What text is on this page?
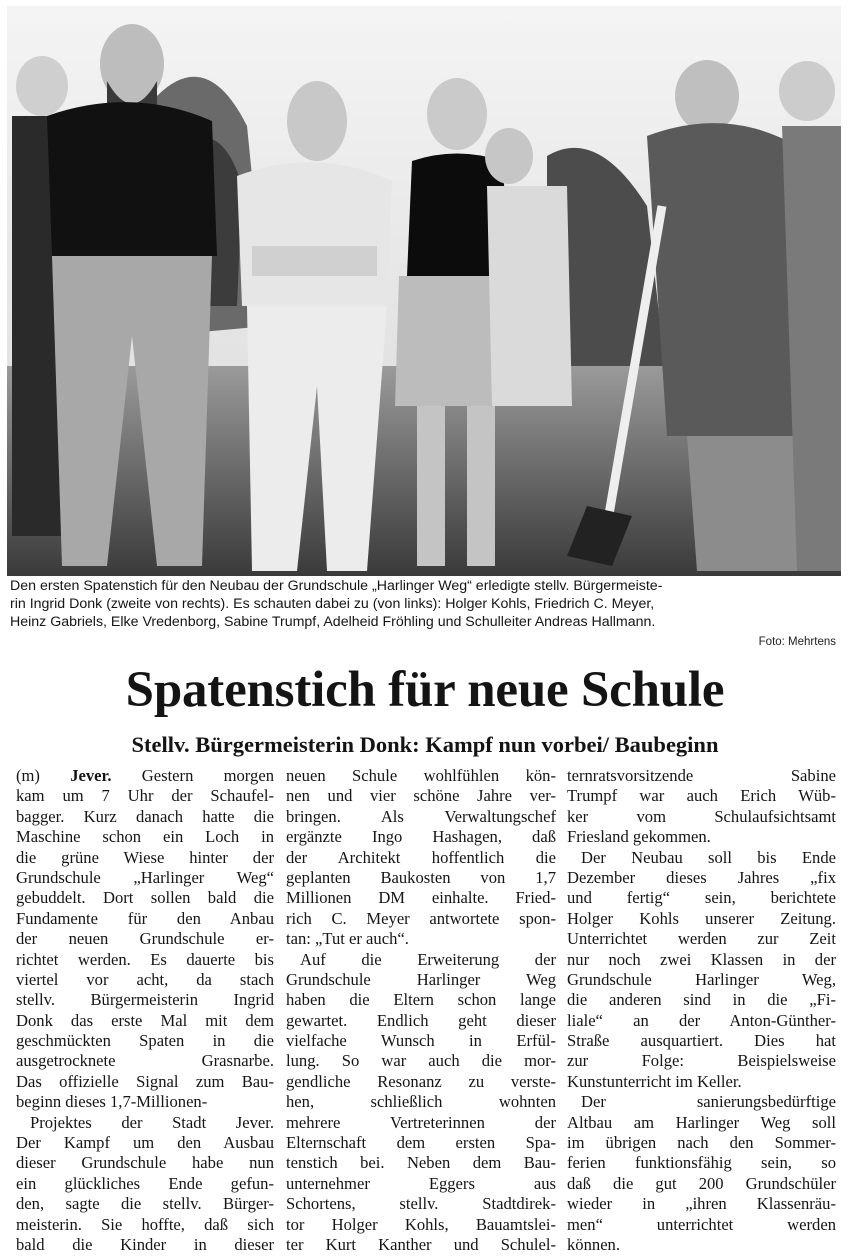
Den ersten Spatenstich für den Neubau der Grundschule „Harlinger Weg“ erledigte stellv. Bürgermeiste-
rin Ingrid Donk (zweite von rechts). Es schauten dabei zu (von links): Holger Kohls, Friedrich C. Meyer,
Heinz Gabriels, Elke Vredenborg, Sabine Trumpf, Adelheid Fröhling und Schulleiter Andreas Hallmann.
Foto: Mehrtens
Spatenstich für neue Schule
Stellv. Bürgermeisterin Donk: Kampf nun vorbei/ Baubeginn
(m) Jever. Gestern morgen
kam um 7 Uhr der Schaufel-
bagger. Kurz danach hatte die
Maschine schon ein Loch in
die grüne Wiese hinter der
Grundschule „Harlinger Weg“
gebuddelt. Dort sollen bald die
Fundamente für den Anbau
der neuen Grundschule er-
richtet werden. Es dauerte bis
viertel vor acht, da stach
stellv. Bürgermeisterin Ingrid
Donk das erste Mal mit dem
geschmückten Spaten in die
ausgetrocknete Grasnarbe.
Das offizielle Signal zum Bau-
beginn dieses 1,7-Millionen-
Projektes der Stadt Jever.
Der Kampf um den Ausbau
dieser Grundschule habe nun
ein glückliches Ende gefun-
den, sagte die stellv. Bürger-
meisterin. Sie hoffte, daß sich
bald die Kinder in dieser
neuen Schule wohlfühlen kön-
nen und vier schöne Jahre ver-
bringen. Als Verwaltungschef
ergänzte Ingo Hashagen, daß
der Architekt hoffentlich die
geplanten Baukosten von 1,7
Millionen DM einhalte. Fried-
rich C. Meyer antwortete spon-
tan: „Tut er auch“.
Auf die Erweiterung der
Grundschule Harlinger Weg
haben die Eltern schon lange
gewartet. Endlich geht dieser
vielfache Wunsch in Erfül-
lung. So war auch die mor-
gendliche Resonanz zu verste-
hen, schließlich wohnten
mehrere Vertreterinnen der
Elternschaft dem ersten Spa-
tenstich bei. Neben dem Bau-
unternehmer Eggers aus
Schortens, stellv. Stadtdirek-
tor Holger Kohls, Bauamtslei-
ter Kurt Kanther und Schulel-
ternratsvorsitzende Sabine
Trumpf war auch Erich Wüb-
ker vom Schulaufsichtsamt
Friesland gekommen.
Der Neubau soll bis Ende
Dezember dieses Jahres „fix
und fertig“ sein, berichtete
Holger Kohls unserer Zeitung.
Unterrichtet werden zur Zeit
nur noch zwei Klassen in der
Grundschule Harlinger Weg,
die anderen sind in die „Fi-
liale“ an der Anton-Günther-
Straße ausquartiert. Dies hat
zur Folge: Beispielsweise
Kunstunterricht im Keller.
Der sanierungsbedürftige
Altbau am Harlinger Weg soll
im übrigen nach den Sommer-
ferien funktionsfähig sein, so
daß die gut 200 Grundschüler
wieder in „ihren Klassenräu-
men“ unterrichtet werden
können.
